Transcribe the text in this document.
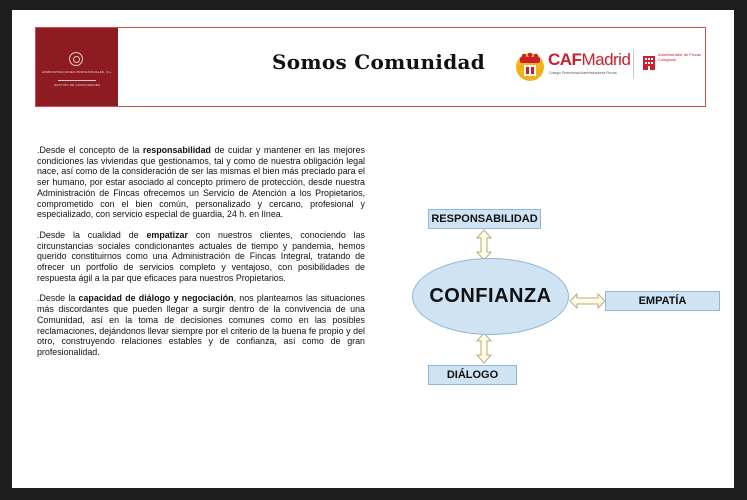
ADMINISTRACIONES PROFESIONALES, S.L.
GESTIÓN DE COMUNIDADES
Somos Comunidad	CAFMadrid
Colegio Profesional Administradores Fincas
Administrador de Fincas Colegiado

.Desde el concepto de la responsabilidad de cuidar y mantener en las mejores condiciones las viviendas que gestionamos, tal y como de nuestra obligación legal nace, así como de la consideración de ser las mismas el bien más preciado para el ser humano, por estar asociado al concepto primero de protección, desde nuestra Administración de Fincas ofrecemos un Servicio de Atención a los Propietarios, comprometido con el bien común, personalizado y cercano, profesional y especializado, con servicio especial de guardia, 24 h. en línea.

.Desde la cualidad de empatizar con nuestros clientes, conociendo las circunstancias sociales condicionantes actuales de tiempo y pandemia, hemos querido constituirnos como una Administración de Fincas Integral, tratando de ofrecer un portfolio de servicios completo y ventajoso, con posibilidades de respuesta ágil a la par que eficaces para nuestros Propietarios.

.Desde la capacidad de diálogo y negociación, nos planteamos las situaciones más discordantes que pueden llegar a surgir dentro de la convivencia de una Comunidad, así en la toma de decisiones comunes como en las posibles reclamaciones, dejándonos llevar siempre por el criterio de la buena fe propio y del otro, construyendo relaciones estables y de confianza, así como de gran profesionalidad.

RESPONSABILIDAD
CONFIANZA	EMPATÍA
DIÁLOGO
